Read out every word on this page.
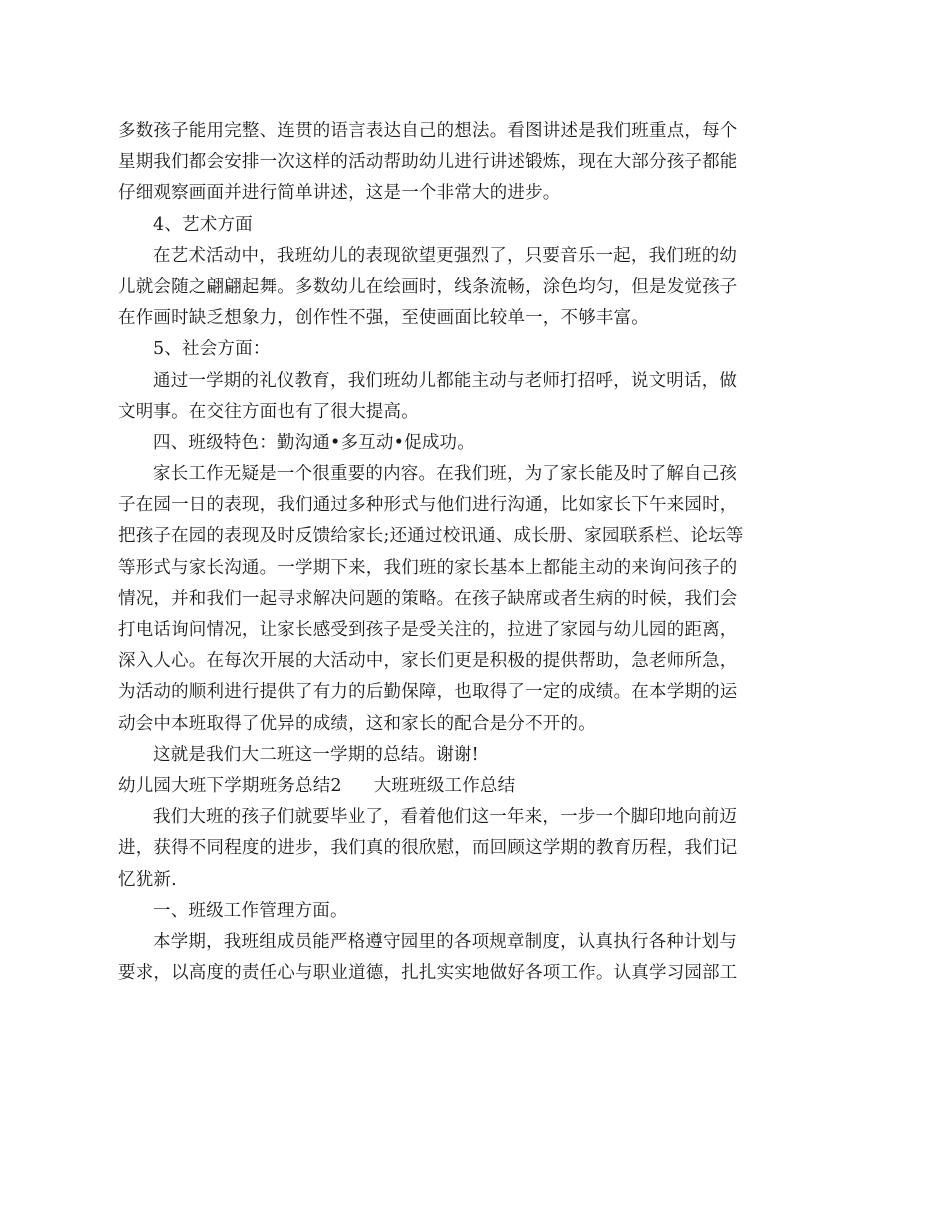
多数孩子能用完整、连贯的语言表达自己的想法。看图讲述是我们班重点，每个
星期我们都会安排一次这样的活动帮助幼儿进行讲述锻炼，现在大部分孩子都能
仔细观察画面并进行简单讲述，这是一个非常大的进步。
4、艺术方面
在艺术活动中，我班幼儿的表现欲望更强烈了，只要音乐一起，我们班的幼
儿就会随之翩翩起舞。多数幼儿在绘画时，线条流畅，涂色均匀，但是发觉孩子
在作画时缺乏想象力，创作性不强，至使画面比较单一，不够丰富。
5、社会方面：
通过一学期的礼仪教育，我们班幼儿都能主动与老师打招呼，说文明话，做
文明事。在交往方面也有了很大提高。
四、班级特色：勤沟通•多互动•促成功。
家长工作无疑是一个很重要的内容。在我们班，为了家长能及时了解自己孩
子在园一日的表现，我们通过多种形式与他们进行沟通，比如家长下午来园时，
把孩子在园的表现及时反馈给家长;还通过校讯通、成长册、家园联系栏、论坛等
等形式与家长沟通。一学期下来，我们班的家长基本上都能主动的来询问孩子的
情况，并和我们一起寻求解决问题的策略。在孩子缺席或者生病的时候，我们会
打电话询问情况，让家长感受到孩子是受关注的，拉进了家园与幼儿园的距离，
深入人心。在每次开展的大活动中，家长们更是积极的提供帮助，急老师所急，
为活动的顺利进行提供了有力的后勤保障，也取得了一定的成绩。在本学期的运
动会中本班取得了优异的成绩，这和家长的配合是分不开的。
这就是我们大二班这一学期的总结。谢谢!
幼儿园大班下学期班务总结2 大班班级工作总结
我们大班的孩子们就要毕业了，看着他们这一年来，一步一个脚印地向前迈
进，获得不同程度的进步，我们真的很欣慰，而回顾这学期的教育历程，我们记
忆犹新.
一、班级工作管理方面。
本学期，我班组成员能严格遵守园里的各项规章制度，认真执行各种计划与
要求，以高度的责任心与职业道德，扎扎实实地做好各项工作。认真学习园部工
